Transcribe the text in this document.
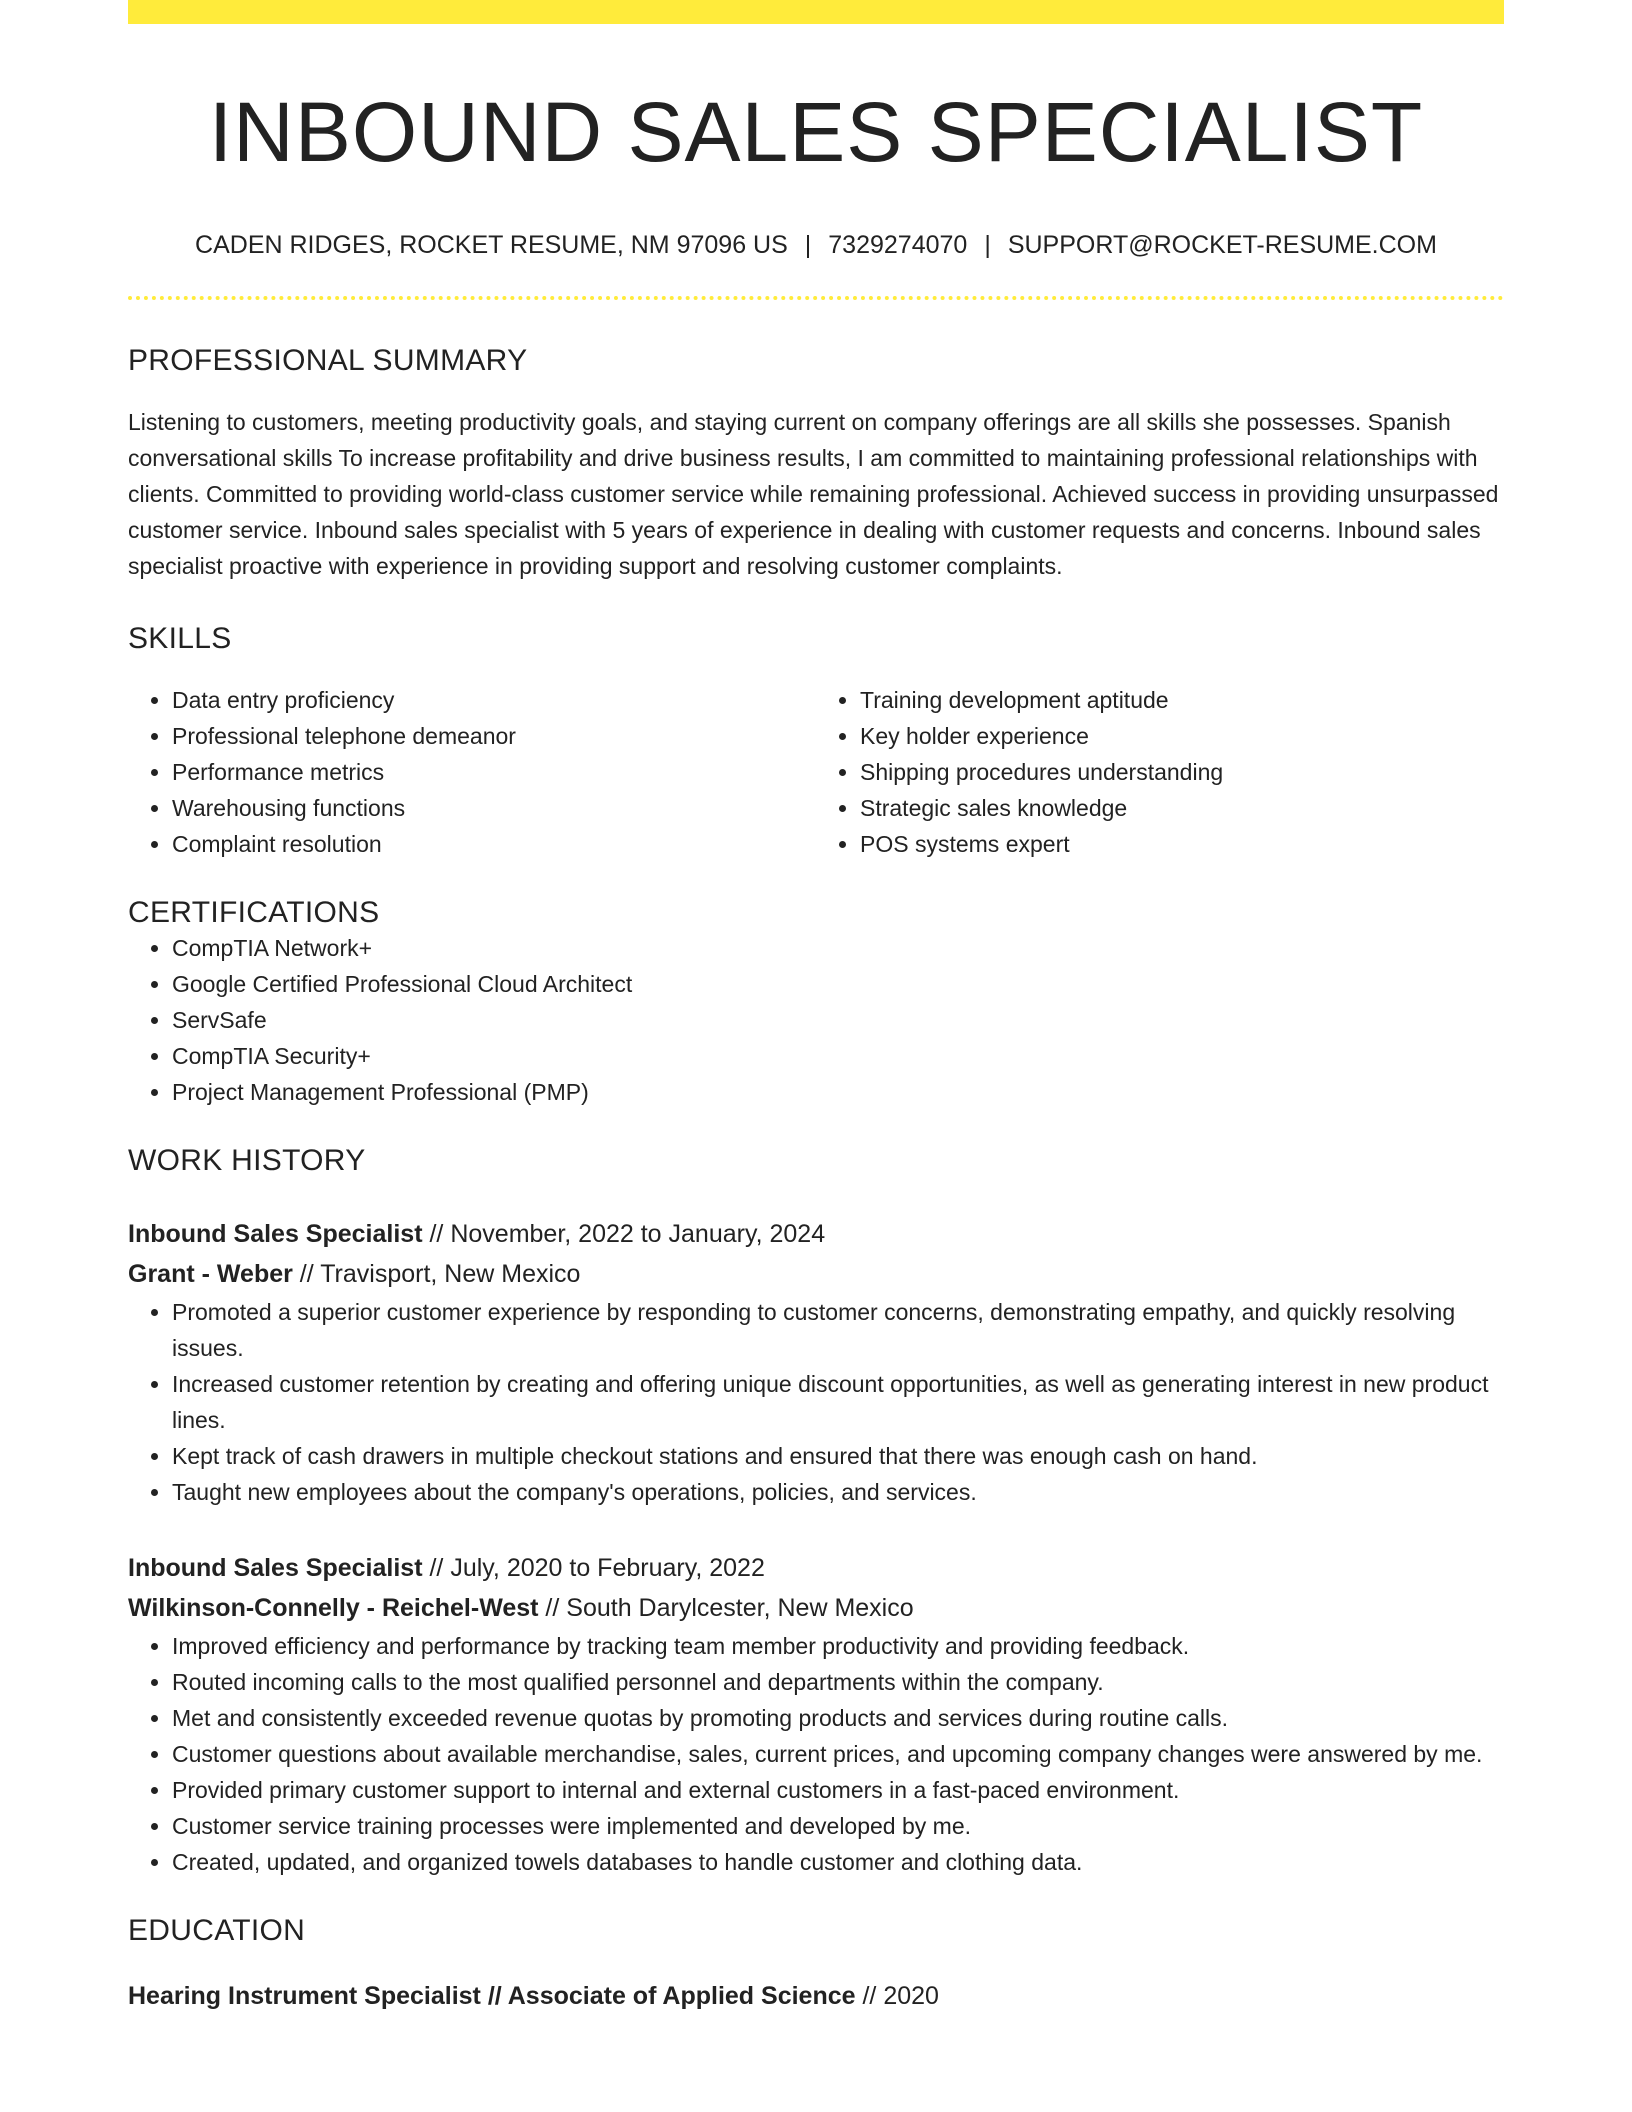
INBOUND SALES SPECIALIST
CADEN RIDGES, ROCKET RESUME, NM 97096 US | 7329274070 | SUPPORT@ROCKET-RESUME.COM
PROFESSIONAL SUMMARY

Listening to customers, meeting productivity goals, and staying current on company offerings are all skills she possesses. Spanish conversational skills To increase profitability and drive business results, I am committed to maintaining professional relationships with clients. Committed to providing world-class customer service while remaining professional. Achieved success in providing unsurpassed customer service. Inbound sales specialist with 5 years of experience in dealing with customer requests and concerns. Inbound sales specialist proactive with experience in providing support and resolving customer complaints.

SKILLS
• Data entry proficiency
• Professional telephone demeanor
• Performance metrics
• Warehousing functions
• Complaint resolution
• Training development aptitude
• Key holder experience
• Shipping procedures understanding
• Strategic sales knowledge
• POS systems expert
CERTIFICATIONS
• CompTIA Network+
• Google Certified Professional Cloud Architect
• ServSafe
• CompTIA Security+
• Project Management Professional (PMP)
WORK HISTORY
Inbound Sales Specialist // November, 2022 to January, 2024
Grant - Weber // Travisport, New Mexico
• Promoted a superior customer experience by responding to customer concerns, demonstrating empathy, and quickly resolving issues.
• Increased customer retention by creating and offering unique discount opportunities, as well as generating interest in new product lines.
• Kept track of cash drawers in multiple checkout stations and ensured that there was enough cash on hand.
• Taught new employees about the company's operations, policies, and services.
Inbound Sales Specialist // July, 2020 to February, 2022
Wilkinson-Connelly - Reichel-West // South Darylcester, New Mexico
• Improved efficiency and performance by tracking team member productivity and providing feedback.
• Routed incoming calls to the most qualified personnel and departments within the company.
• Met and consistently exceeded revenue quotas by promoting products and services during routine calls.
• Customer questions about available merchandise, sales, current prices, and upcoming company changes were answered by me.
• Provided primary customer support to internal and external customers in a fast-paced environment.
• Customer service training processes were implemented and developed by me.
• Created, updated, and organized towels databases to handle customer and clothing data.
EDUCATION
Hearing Instrument Specialist // Associate of Applied Science // 2020
